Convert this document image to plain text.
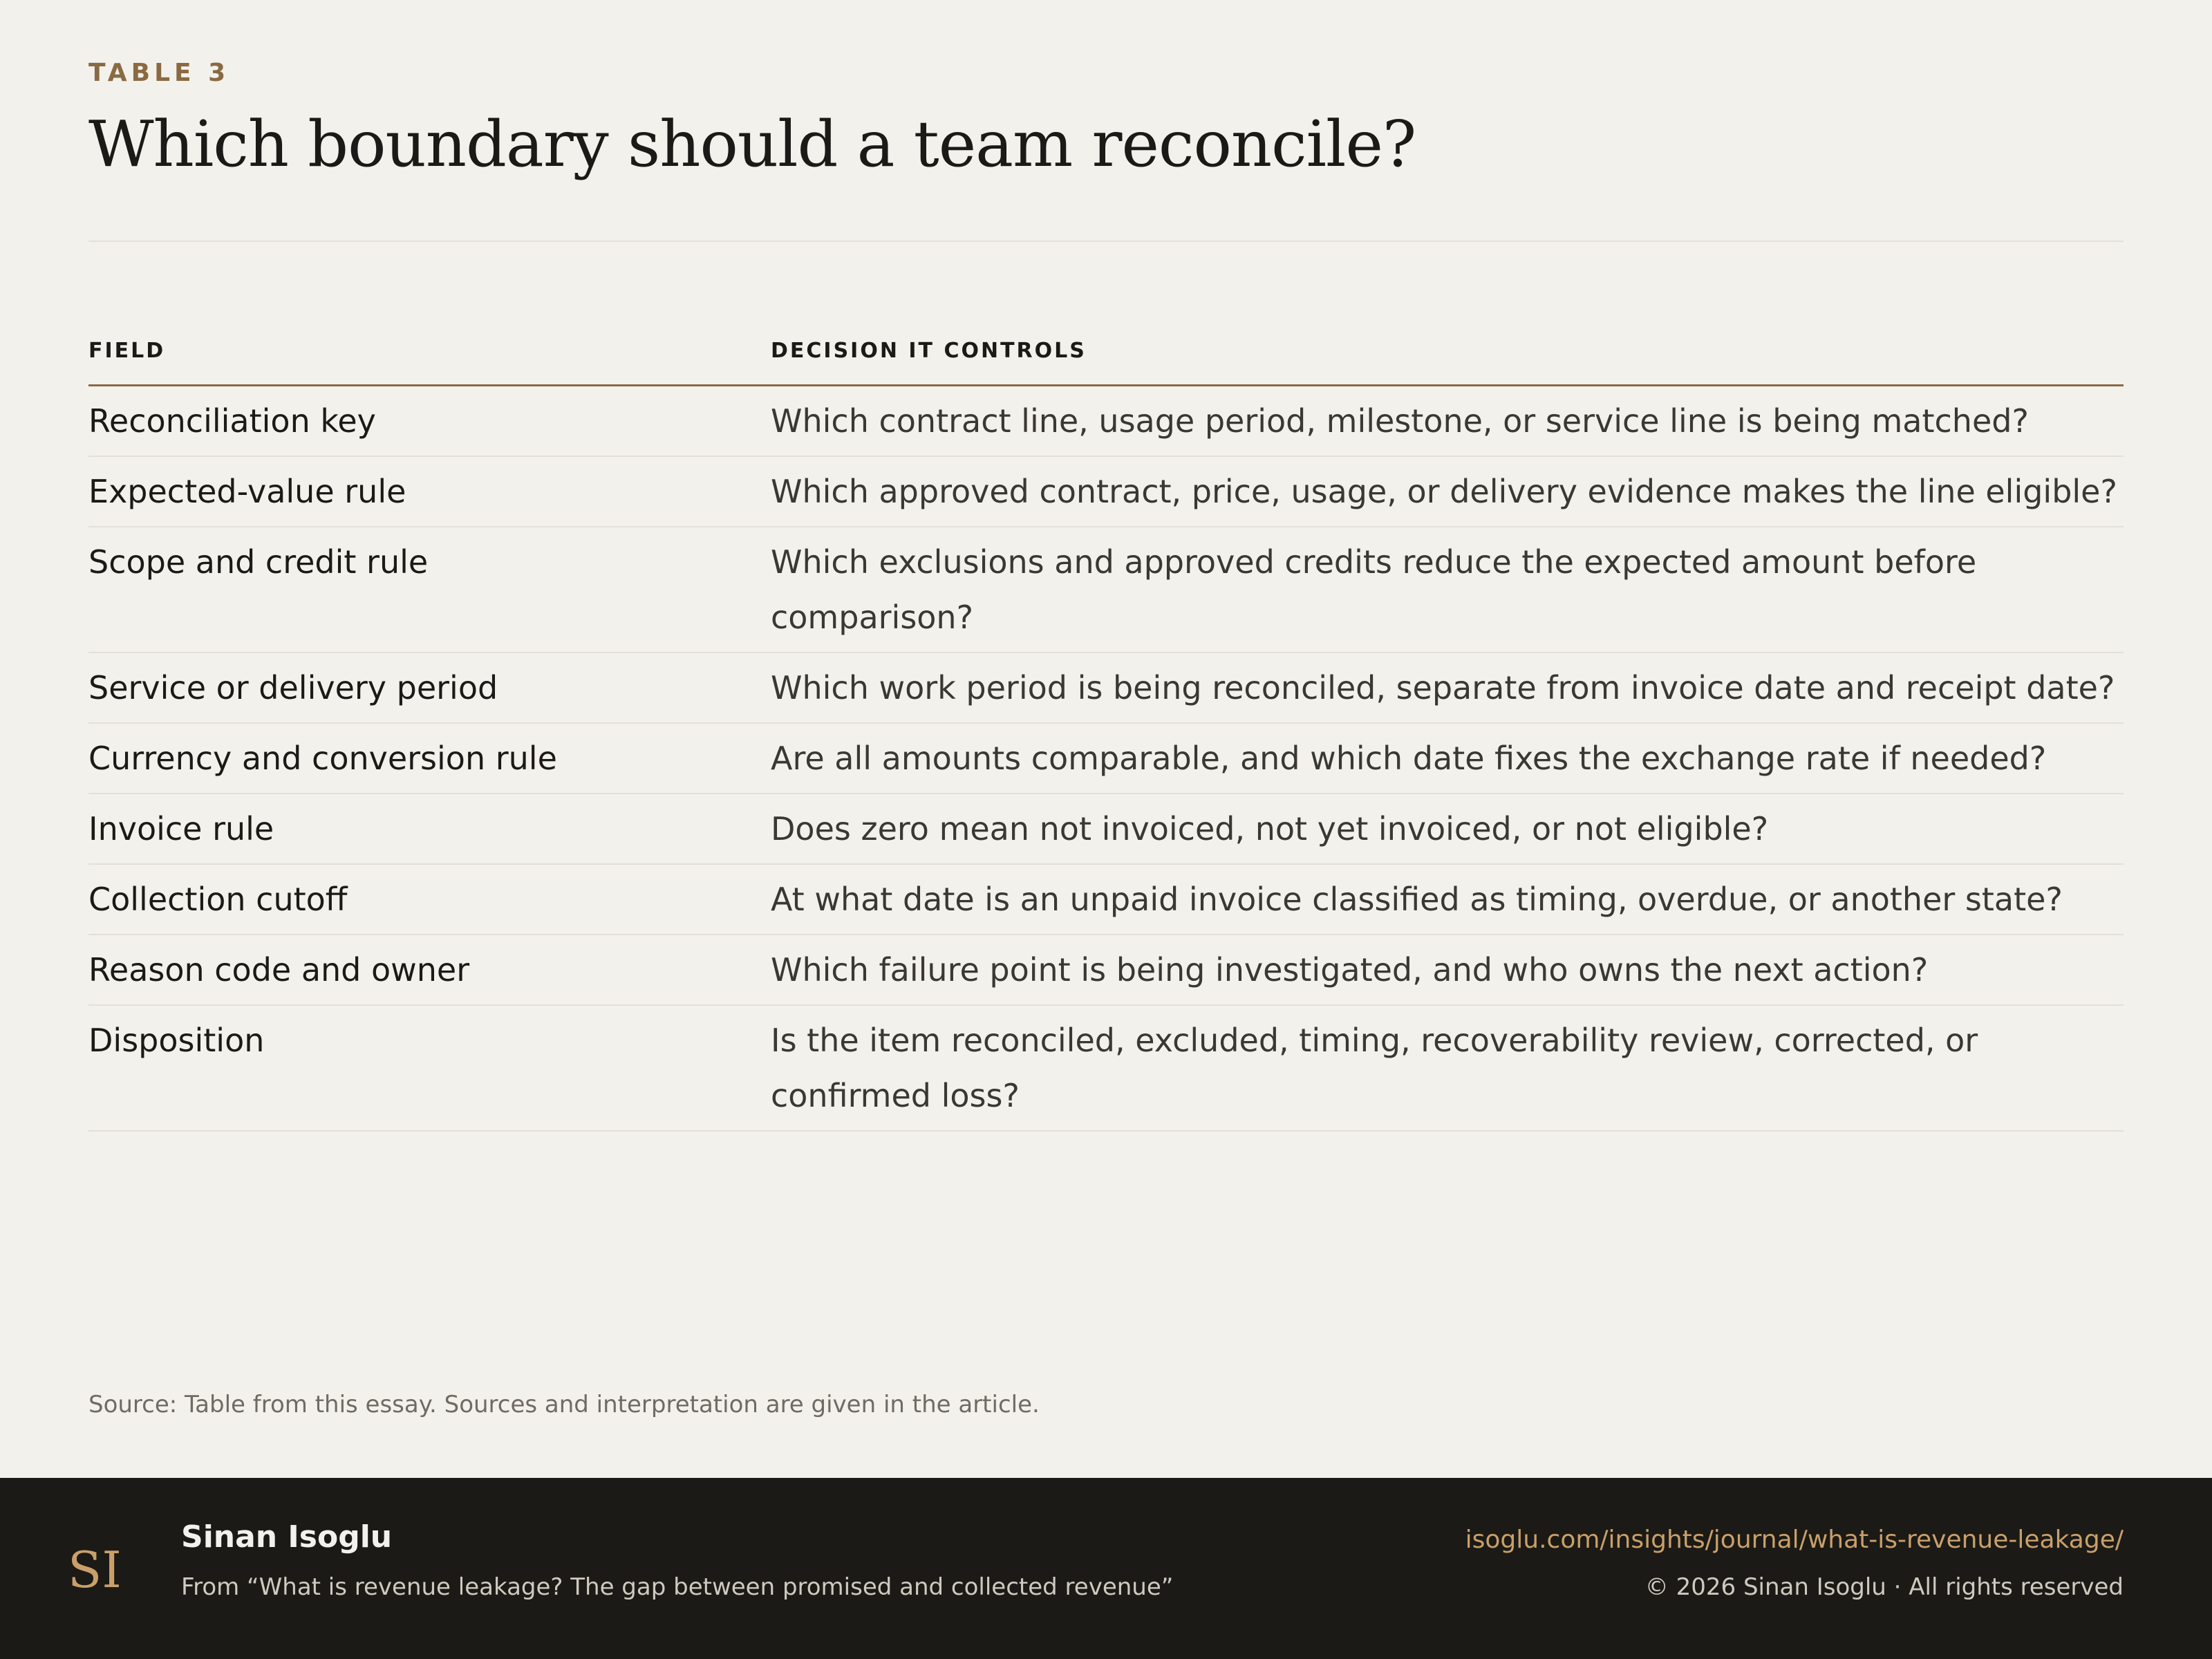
TABLE 3
Which boundary should a team reconcile?
FIELD	DECISION IT CONTROLS
Reconciliation key	Which contract line, usage period, milestone, or service line is being matched?
Expected-value rule	Which approved contract, price, usage, or delivery evidence makes the line eligible?
Scope and credit rule	Which exclusions and approved credits reduce the expected amount before comparison?
Service or delivery period	Which work period is being reconciled, separate from invoice date and receipt date?
Currency and conversion rule	Are all amounts comparable, and which date fixes the exchange rate if needed?
Invoice rule	Does zero mean not invoiced, not yet invoiced, or not eligible?
Collection cutoff	At what date is an unpaid invoice classified as timing, overdue, or another state?
Reason code and owner	Which failure point is being investigated, and who owns the next action?
Disposition	Is the item reconciled, excluded, timing, recoverability review, corrected, or confirmed loss?
Source: Table from this essay. Sources and interpretation are given in the article.
SI
Sinan Isoglu
From “What is revenue leakage? The gap between promised and collected revenue”
isoglu.com/insights/journal/what-is-revenue-leakage/
© 2026 Sinan Isoglu · All rights reserved
